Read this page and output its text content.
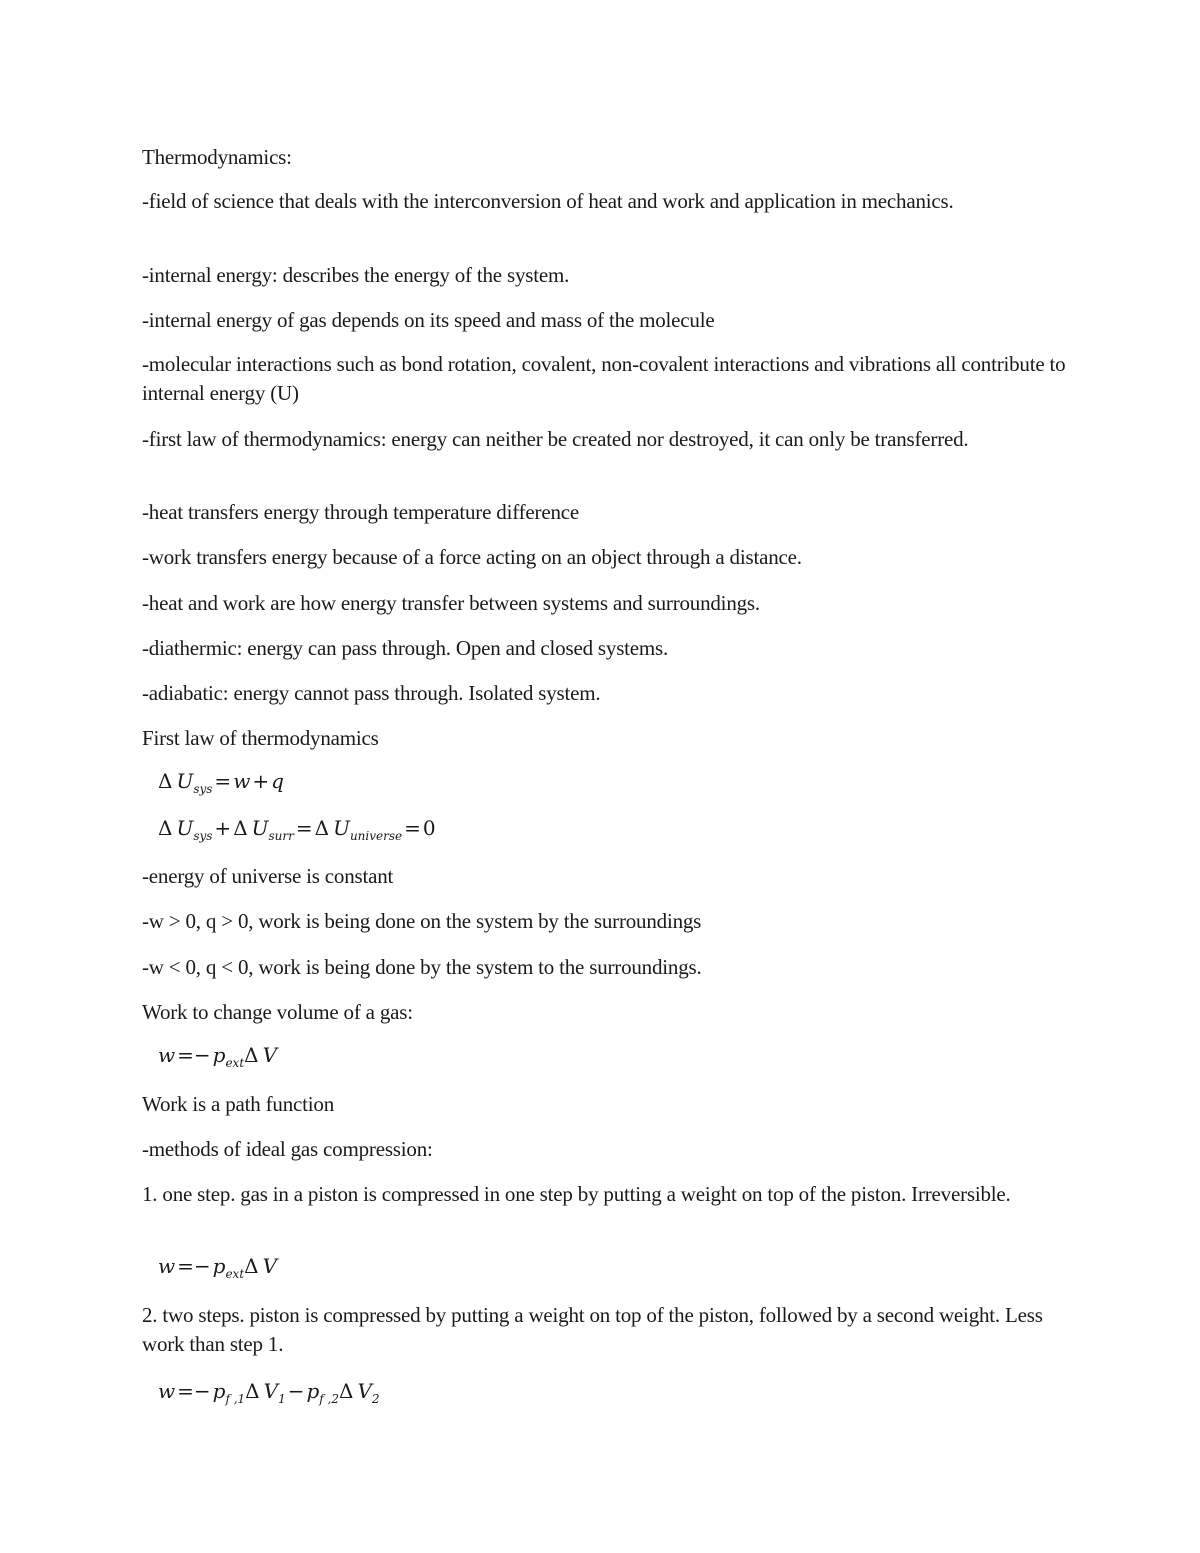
Thermodynamics:

-field of science that deals with the interconversion of heat and work and application in mechanics.

-internal energy: describes the energy of the system.

-internal energy of gas depends on its speed and mass of the molecule

-molecular interactions such as bond rotation, covalent, non-covalent interactions and vibrations all contribute to internal energy (U)

-first law of thermodynamics: energy can neither be created nor destroyed, it can only be transferred.

-heat transfers energy through temperature difference

-work transfers energy because of a force acting on an object through a distance.

-heat and work are how energy transfer between systems and surroundings.

-diathermic: energy can pass through. Open and closed systems.

-adiabatic: energy cannot pass through. Isolated system.

First law of thermodynamics

Δ  $U_{sys} = w + q$
Δ  $U_{sys} + \Delta$  $U_{surr} = \Delta$  $U_{universe} = 0$

-energy of universe is constant

-w > 0, q > 0, work is being done on the system by the surroundings

-w < 0, q < 0, work is being done by the system to the surroundings.

Work to change volume of a gas:

$w =- p_{ext}\Delta$  V

Work is a path function

-methods of ideal gas compression:

1. one step. gas in a piston is compressed in one step by putting a weight on top of the piston. Irreversible.

$w =- p_{ext}\Delta$  V

2. two steps. piston is compressed by putting a weight on top of the piston, followed by a second weight. Less work than step 1.

$w =- p_{f ,1}\Delta$  $V_1 - p_{f ,2}\Delta$  $V_2$
